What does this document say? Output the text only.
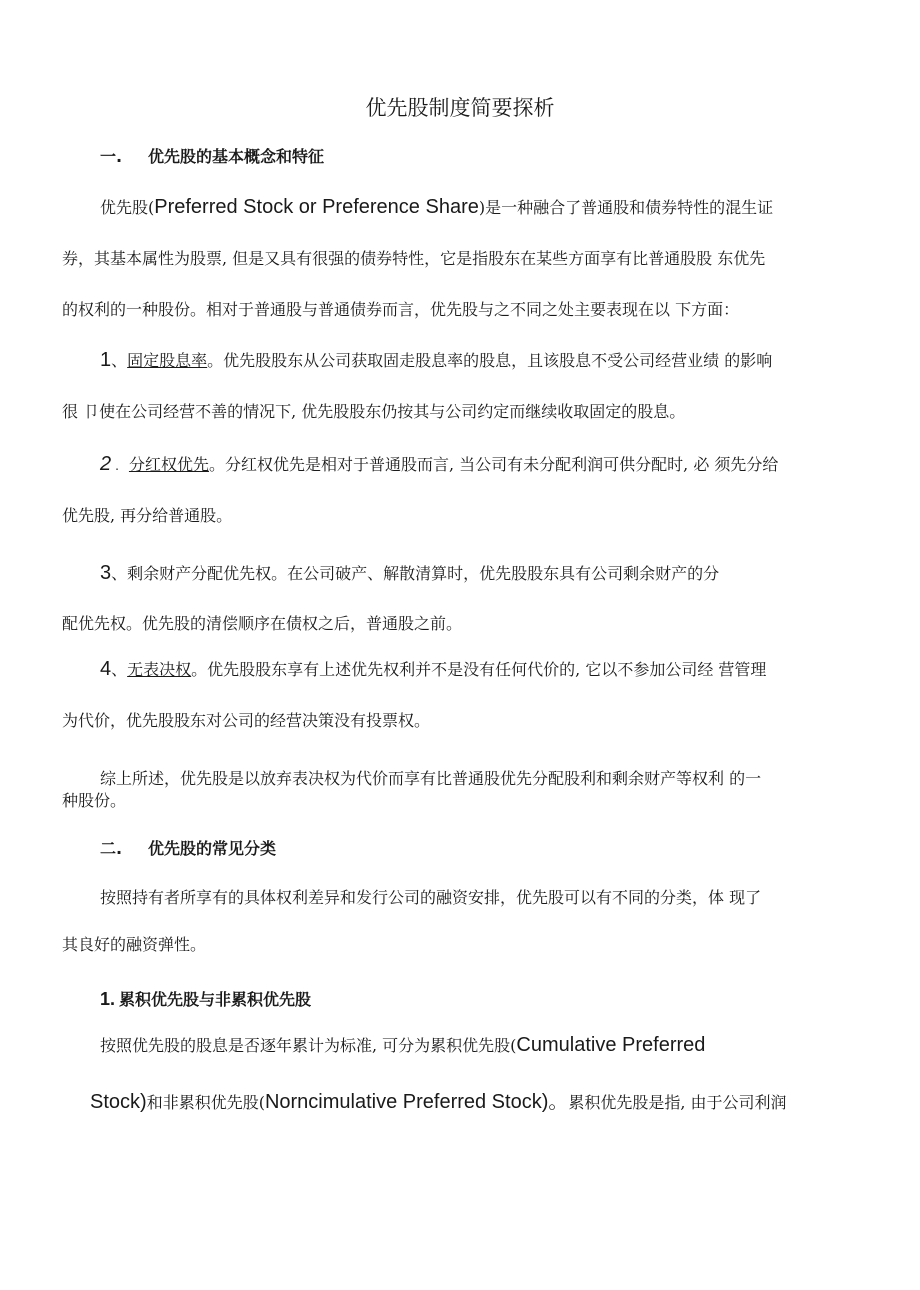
优先股制度简要探析
一. 优先股的基本概念和特征
优先股(Preferred Stock or Preference Share)是一种融合了普通股和债券特性的混生证
券，其基本属性为股票, 但是又具有很强的债券特性，它是指股东在某些方面享有比普通股股 东优先
的权利的一种股份。相对于普通股与普通债券而言，优先股与之不同之处主要表现在以 下方面：
1、固定股息率。优先股股东从公司获取固走股息率的股息，且该股息不受公司经营业绩 的影响
很 卩使在公司经营不善的情况下, 优先股股东仍按其与公司约定而继续收取固定的股息。
2 . 分红权优先。分红权优先是相对于普通股而言, 当公司有未分配利润可供分配时, 必 须先分给
优先股, 再分给普通股。
3、剩余财产分配优先权。在公司破产、解散清算时，优先股股东具有公司剩余财产的分
配优先权。优先股的清偿顺序在债权之后，普通股之前。
4、无表决权。优先股股东享有上述优先权利并不是没有任何代价的, 它以不参加公司经 营管理
为代价，优先股股东对公司的经营决策没有投票权。
综上所述，优先股是以放弃表决权为代价而享有比普通股优先分配股利和剩余财产等权利 的一
种股份。
二. 优先股的常见分类
按照持有者所享有的具体权利差异和发行公司的融资安排，优先股可以有不同的分类，体 现了
其良好的融资弹性。
1. 累积优先股与非累积优先股
按照优先股的股息是否逐年累计为标准, 可分为累积优先股(Cumulative Preferred
Stock)和非累积优先股(Norncimulative Preferred Stock)。累积优先股是指, 由于公司利润
